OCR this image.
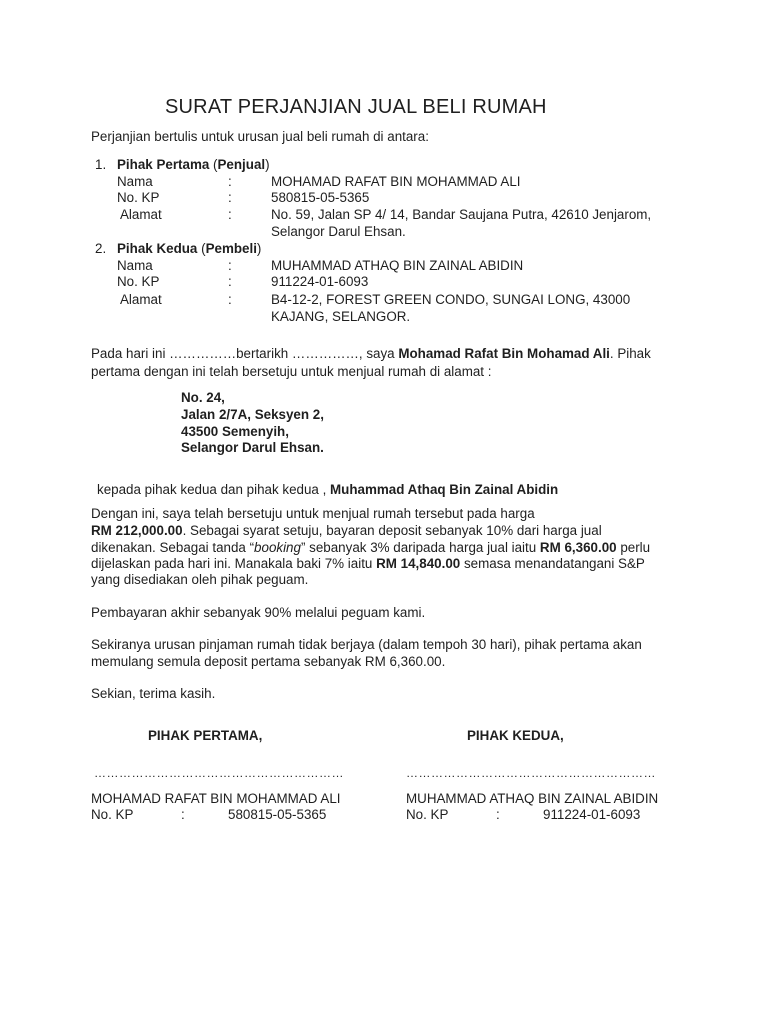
SURAT PERJANJIAN JUAL BELI RUMAH
Perjanjian bertulis untuk urusan jual beli rumah di antara:
1. Pihak Pertama (Penjual)
Nama	:	MOHAMAD RAFAT BIN MOHAMMAD ALI
No. KP	:	580815-05-5365
Alamat	:	No. 59, Jalan SP 4/ 14, Bandar Saujana Putra, 42610 Jenjarom,
Selangor Darul Ehsan.
2. Pihak Kedua (Pembeli)
Nama	:	MUHAMMAD ATHAQ BIN ZAINAL ABIDIN
No. KP	:	911224-01-6093
Alamat	:	B4-12-2, FOREST GREEN CONDO, SUNGAI LONG, 43000
KAJANG, SELANGOR.
Pada hari ini ……………bertarikh ……………, saya Mohamad Rafat Bin Mohamad Ali. Pihak
pertama dengan ini telah bersetuju untuk menjual rumah di alamat :
No. 24,
Jalan 2/7A, Seksyen 2,
43500 Semenyih,
Selangor Darul Ehsan.
kepada pihak kedua dan pihak kedua , Muhammad Athaq Bin Zainal Abidin
Dengan ini, saya telah bersetuju untuk menjual rumah tersebut pada harga
RM 212,000.00. Sebagai syarat setuju, bayaran deposit sebanyak 10% dari harga jual
dikenakan. Sebagai tanda “booking” sebanyak 3% daripada harga jual iaitu RM 6,360.00 perlu
dijelaskan pada hari ini. Manakala baki 7% iaitu RM 14,840.00 semasa menandatangani S&P
yang disediakan oleh pihak peguam.
Pembayaran akhir sebanyak 90% melalui peguam kami.
Sekiranya urusan pinjaman rumah tidak berjaya (dalam tempoh 30 hari), pihak pertama akan
memulang semula deposit pertama sebanyak RM 6,360.00.
Sekian, terima kasih.
PIHAK PERTAMA,	PIHAK KEDUA,
……………………………………………………	……………………………………………………
MOHAMAD RAFAT BIN MOHAMMAD ALI	MUHAMMAD ATHAQ BIN ZAINAL ABIDIN
No. KP	:	580815-05-5365	No. KP	:	911224-01-6093
